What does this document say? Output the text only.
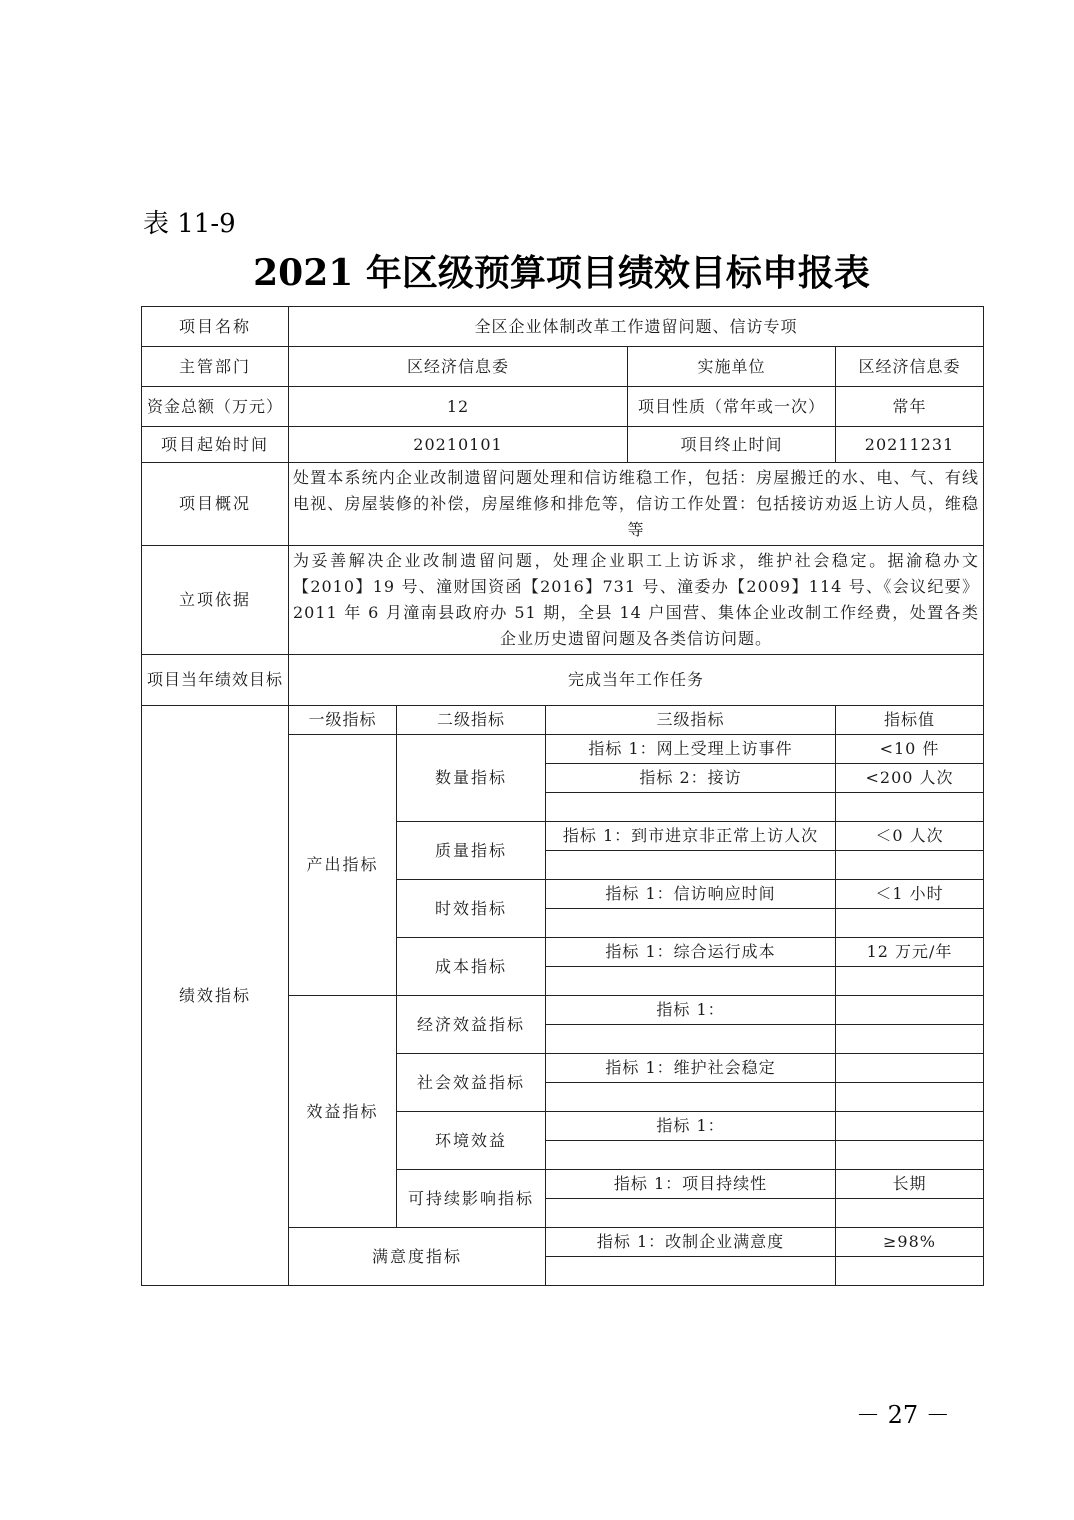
表 11-9
2021 年区级预算项目绩效目标申报表
项目名称	全区企业体制改革工作遗留问题、信访专项				
主管部门	区经济信息委			实施单位	区经济信息委
资金总额（万元）	12			项目性质（常年或一次）	常年
项目起始时间	20210101			项目终止时间	20211231
项目概况	处置本系统内企业改制遗留问题处理和信访维稳工作，包括：房屋搬迁的水、电、气、有线电视、房屋装修的补偿，房屋维修和排危等，信访工作处置：包括接访劝返上访人员，维稳等				
立项依据	为妥善解决企业改制遗留问题，处理企业职工上访诉求，维护社会稳定。据渝稳办文【2010】19 号、潼财国资函【2016】731 号、潼委办【2009】114 号、《会议纪要》2011 年 6 月潼南县政府办 51 期，全县 14 户国营、集体企业改制工作经费，处置各类企业历史遗留问题及各类信访问题。				
项目当年绩效目标	完成当年工作任务				
绩效指标	一级指标	二级指标	三级指标		指标值
	产出指标	数量指标	指标 1：网上受理上访事件		<10 件
			指标 2：接访		<200 人次

		质量指标	指标 1：到市进京非正常上访人次		＜0 人次

		时效指标	指标 1：信访响应时间		＜1 小时

		成本指标	指标 1：综合运行成本		12 万元/年

	效益指标	经济效益指标	指标 1：		

		社会效益指标	指标 1：维护社会稳定		

		环境效益	指标 1：		

		可持续影响指标	指标 1：项目持续性		长期

	满意度指标		指标 1：改制企业满意度		≥98%

－ 27 －
